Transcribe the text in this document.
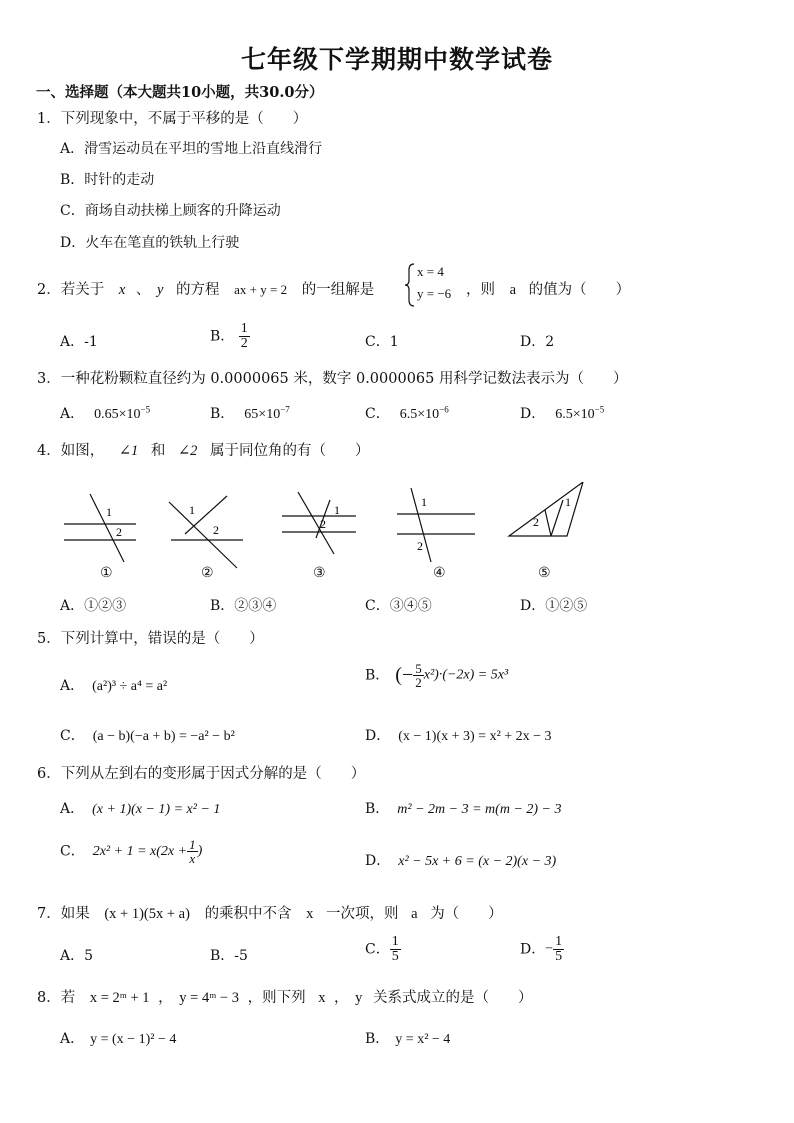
七年级下学期期中数学试卷
一、选择题（本大题共10小题，共30.0分）
1．下列现象中，不属于平移的是（　　）
A．滑雪运动员在平坦的雪地上沿直线滑行
B．时针的走动
C．商场自动扶梯上顾客的升降运动
D．火车在笔直的铁轨上行驶
2．若关于 x 、 y 的方程 ax + y = 2 的一组解是
x = 4
y = −6 ，则 a 的值为（　　）
A．-1	B． $\frac{1}{2}$	C．1	D．2
3．一种花粉颗粒直径约为 0.0000065 米，数字 0.0000065 用科学记数法表示为（　　）
A． $0.65\times 10^{-5}$	B． $65\times 10^{-7}$	C． $6.5\times 10^{-6}$	D． $6.5\times 10^{-5}$
4．如图， ∠1 和 ∠2 属于同位角的有（　　）
1
2
1
2
1
2
1
2
1
2
①	②	③	④	⑤
A．①②③	B．②③④	C．③④⑤	D．①②⑤
5．下列计算中，错误的是（　　）
A． (a²)³ ÷ a⁴ = a²
B． (− $\frac{5}{2} x^2)\cdot(-2x) = 5x^3$
C． (a − b)(−a + b) = −a² − b²	D． (x − 1)(x + 3) = x² + 2x − 3
6．下列从左到右的变形属于因式分解的是（　　）
A． (x + 1)(x − 1) = x² − 1	B． m² − 2m − 3 = m(m − 2) − 3
C． $2x^2 + 1 = x(2x + \frac{1}{x}$ )
D． x² − 5x + 6 = (x − 2)(x − 3)
7．如果 (x + 1)(5x + a) 的乘积中不含 x 一次项，则 a 为（　　）
A．5	B．-5	C． $\frac{1}{5}$	D．− $\frac{1}{5}$
8．若 x = 2ᵐ + 1 ， y = 4ᵐ − 3 ，则下列 x ， y 关系式成立的是（　　）
A． y = (x − 1)² − 4	B． y = x² − 4
